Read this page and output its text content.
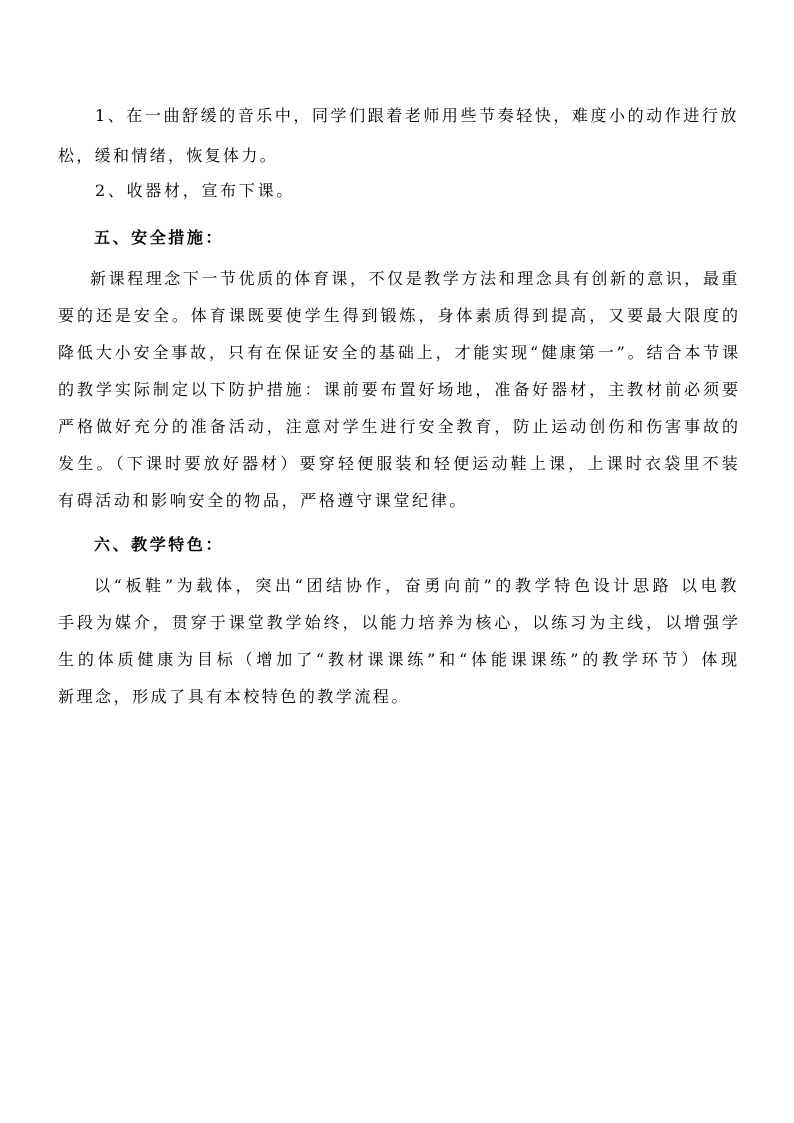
1、在一曲舒缓的音乐中，同学们跟着老师用些节奏轻快，难度小的动作进行放
松，缓和情绪，恢复体力。
2、收器材，宣布下课。
五、安全措施：
新课程理念下一节优质的体育课，不仅是教学方法和理念具有创新的意识，最重
要的还是安全。体育课既要使学生得到锻炼，身体素质得到提高，又要最大限度的
降低大小安全事故，只有在保证安全的基础上，才能实现“健康第一”。结合本节课
的教学实际制定以下防护措施：课前要布置好场地，准备好器材，主教材前必须要
严格做好充分的准备活动，注意对学生进行安全教育，防止运动创伤和伤害事故的
发生。（下课时要放好器材）要穿轻便服装和轻便运动鞋上课，上课时衣袋里不装
有碍活动和影响安全的物品，严格遵守课堂纪律。
六、教学特色：
以“板鞋”为载体，突出“团结协作，奋勇向前”的教学特色设计思路 以电教
手段为媒介，贯穿于课堂教学始终，以能力培养为核心，以练习为主线，以增强学
生的体质健康为目标（增加了“教材课课练”和“体能课课练”的教学环节）体现
新理念，形成了具有本校特色的教学流程。
